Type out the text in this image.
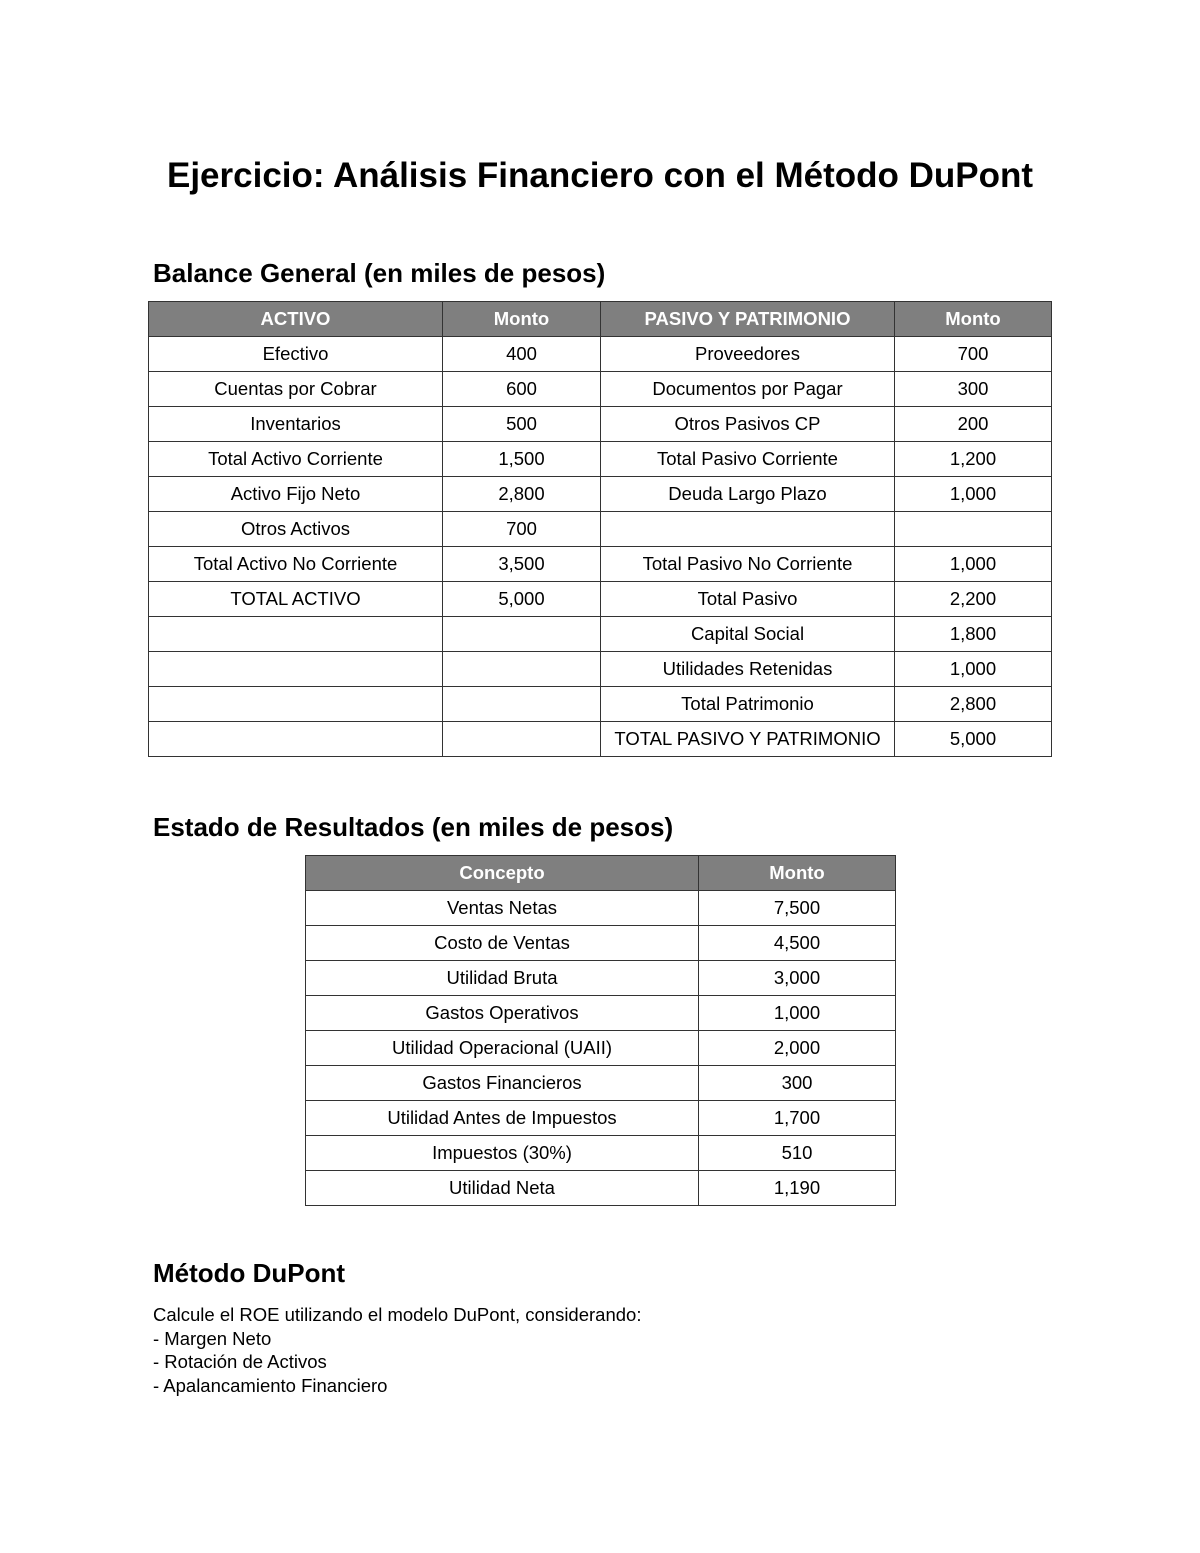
Ejercicio: Análisis Financiero con el Método DuPont
Balance General (en miles de pesos)
ACTIVO	Monto	PASIVO Y PATRIMONIO	Monto
Efectivo	400	Proveedores	700
Cuentas por Cobrar	600	Documentos por Pagar	300
Inventarios	500	Otros Pasivos CP	200
Total Activo Corriente	1,500	Total Pasivo Corriente	1,200
Activo Fijo Neto	2,800	Deuda Largo Plazo	1,000
Otros Activos	700		
Total Activo No Corriente	3,500	Total Pasivo No Corriente	1,000
TOTAL ACTIVO	5,000	Total Pasivo	2,200
		Capital Social	1,800
		Utilidades Retenidas	1,000
		Total Patrimonio	2,800
		TOTAL PASIVO Y PATRIMONIO	5,000
Estado de Resultados (en miles de pesos)
Concepto	Monto
Ventas Netas	7,500
Costo de Ventas	4,500
Utilidad Bruta	3,000
Gastos Operativos	1,000
Utilidad Operacional (UAII)	2,000
Gastos Financieros	300
Utilidad Antes de Impuestos	1,700
Impuestos (30%)	510
Utilidad Neta	1,190
Método DuPont
Calcule el ROE utilizando el modelo DuPont, considerando:
- Margen Neto
- Rotación de Activos
- Apalancamiento Financiero
